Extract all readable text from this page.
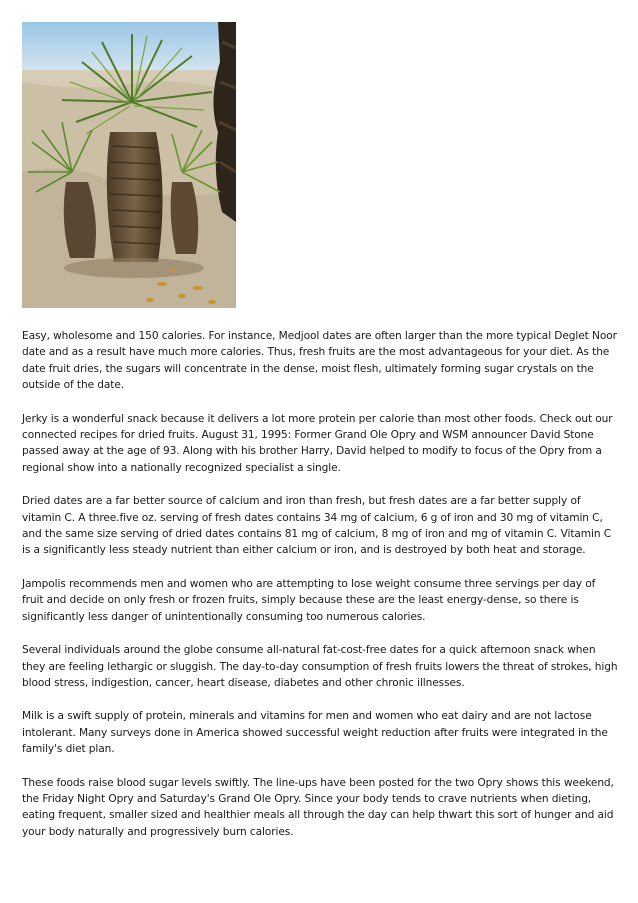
Easy, wholesome and 150 calories. For instance, Medjool dates are often larger than the more typical Deglet Noor date and as a result have much more calories. Thus, fresh fruits are the most advantageous for your diet. As the date fruit dries, the sugars will concentrate in the dense, moist flesh, ultimately forming sugar crystals on the outside of the date.

Jerky is a wonderful snack because it delivers a lot more protein per calorie than most other foods. Check out our connected recipes for dried fruits. August 31, 1995: Former Grand Ole Opry and WSM announcer David Stone passed away at the age of 93. Along with his brother Harry, David helped to modify to focus of the Opry from a regional show into a nationally recognized specialist a single.

Dried dates are a far better source of calcium and iron than fresh, but fresh dates are a far better supply of vitamin C. A three.five oz. serving of fresh dates contains 34 mg of calcium, 6 g of iron and 30 mg of vitamin C, and the same size serving of dried dates contains 81 mg of calcium, 8 mg of iron and mg of vitamin C. Vitamin C is a significantly less steady nutrient than either calcium or iron, and is destroyed by both heat and storage.

Jampolis recommends men and women who are attempting to lose weight consume three servings per day of fruit and decide on only fresh or frozen fruits, simply because these are the least energy-dense, so there is significantly less danger of unintentionally consuming too numerous calories.

Several individuals around the globe consume all-natural fat-cost-free dates for a quick afternoon snack when they are feeling lethargic or sluggish. The day-to-day consumption of fresh fruits lowers the threat of strokes, high blood stress, indigestion, cancer, heart disease, diabetes and other chronic illnesses.

Milk is a swift supply of protein, minerals and vitamins for men and women who eat dairy and are not lactose intolerant. Many surveys done in America showed successful weight reduction after fruits were integrated in the family's diet plan.

These foods raise blood sugar levels swiftly. The line-ups have been posted for the two Opry shows this weekend, the Friday Night Opry and Saturday's Grand Ole Opry. Since your body tends to crave nutrients when dieting, eating frequent, smaller sized and healthier meals all through the day can help thwart this sort of hunger and aid your body naturally and progressively burn calories.
